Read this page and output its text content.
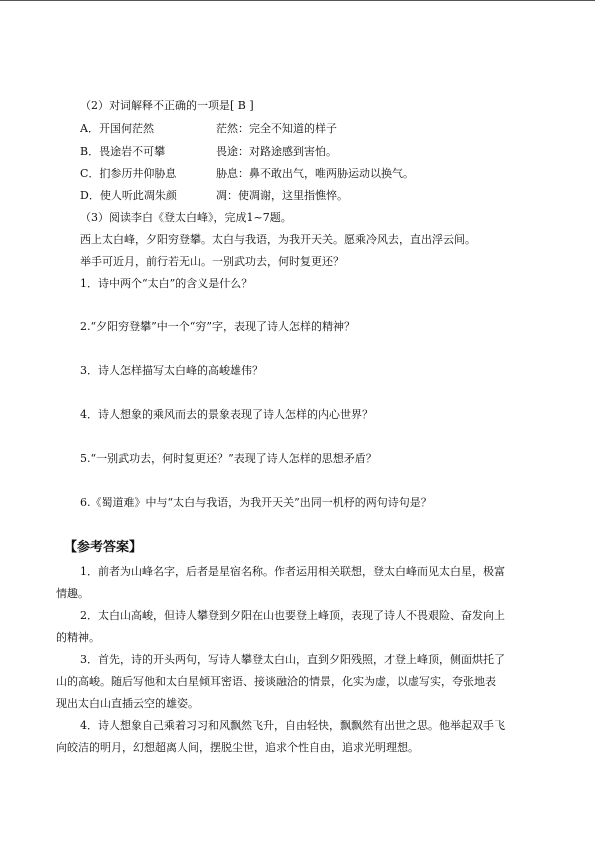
（2）对词解释不正确的一项是[ B ]
A．开国何茫然	茫然：完全不知道的样子
B．畏途岩不可攀	畏途：对路途感到害怕。
C．扪参历井仰胁息	胁息：鼻不敢出气，唯两胁运动以换气。
D．使人听此凋朱颜	凋：使凋谢，这里指憔悴。
（3）阅读李白《登太白峰》，完成1~7题。
西上太白峰，夕阳穷登攀。太白与我语，为我开天关。愿乘冷风去，直出浮云间。
举手可近月，前行若无山。一别武功去，何时复更还？
1．诗中两个“太白”的含义是什么？
2.“夕阳穷登攀”中一个“穷”字，表现了诗人怎样的精神？
3．诗人怎样描写太白峰的高峻雄伟？
4．诗人想象的乘风而去的景象表现了诗人怎样的内心世界？
5.“一别武功去，何时复更还？”表现了诗人怎样的思想矛盾？
6.《蜀道难》中与“太白与我语，为我开天关”出同一机杼的两句诗句是？
【参考答案】
1．前者为山峰名字，后者是星宿名称。作者运用相关联想，登太白峰而见太白星，极富
情趣。
2．太白山高峻，但诗人攀登到夕阳在山也要登上峰顶，表现了诗人不畏艰险、奋发向上
的精神。
3．首先，诗的开头两句，写诗人攀登太白山，直到夕阳残照，才登上峰顶，侧面烘托了
山的高峻。随后写他和太白星倾耳密语、接谈融洽的情景，化实为虚，以虚写实，夸张地表
现出太白山直插云空的雄姿。
4．诗人想象自己乘着习习和风飘然飞升，自由轻快，飘飘然有出世之思。他举起双手飞
向皎洁的明月，幻想超离人间，摆脱尘世，追求个性自由，追求光明理想。
